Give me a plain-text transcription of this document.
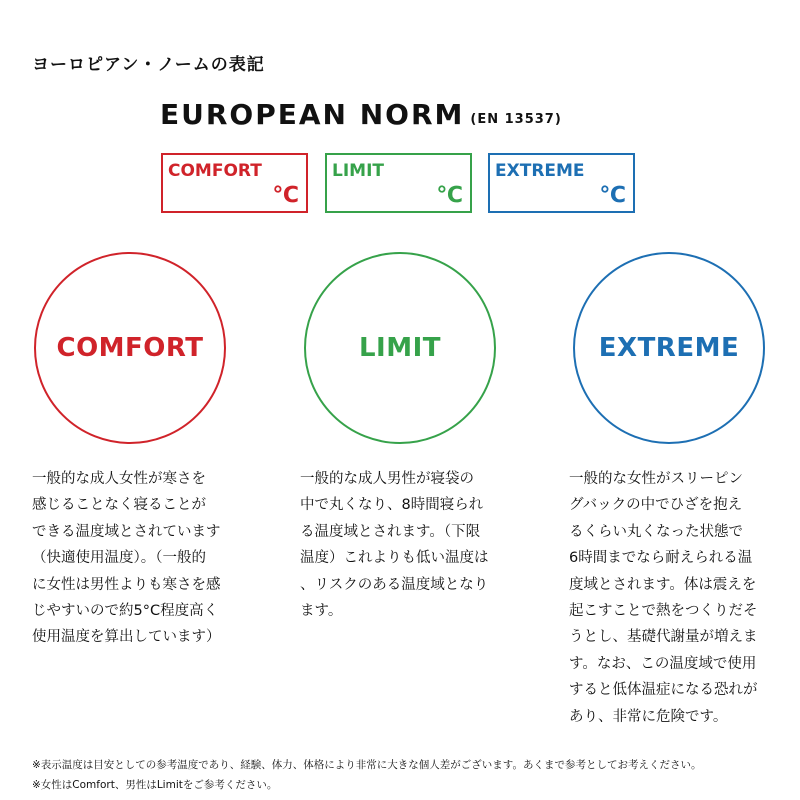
ヨーロピアン・ノームの表記
EUROPEAN NORM (EN 13537)
COMFORT
℃
LIMIT
℃
EXTREME
℃
COMFORT	LIMIT	EXTREME
一般的な成人女性が寒さを
感じることなく寝ることが
できる温度域とされています
（快適使用温度）。（一般的
に女性は男性よりも寒さを感
じやすいので約5°C程度高く
使用温度を算出しています）
一般的な成人男性が寝袋の
中で丸くなり、8時間寝られ
る温度域とされます。（下限
温度）これよりも低い温度は
、リスクのある温度域となり
ます。
一般的な女性がスリーピン
グバックの中でひざを抱え
るくらい丸くなった状態で
6時間までなら耐えられる温
度域とされます。体は震えを
起こすことで熱をつくりだそ
うとし、基礎代謝量が増えま
す。なお、この温度域で使用
すると低体温症になる恐れが
あり、非常に危険です。
※表示温度は目安としての参考温度であり、経験、体力、体格により非常に大きな個人差がございます。あくまで参考としてお考えください。
※女性はComfort、男性はLimitをご参考ください。
